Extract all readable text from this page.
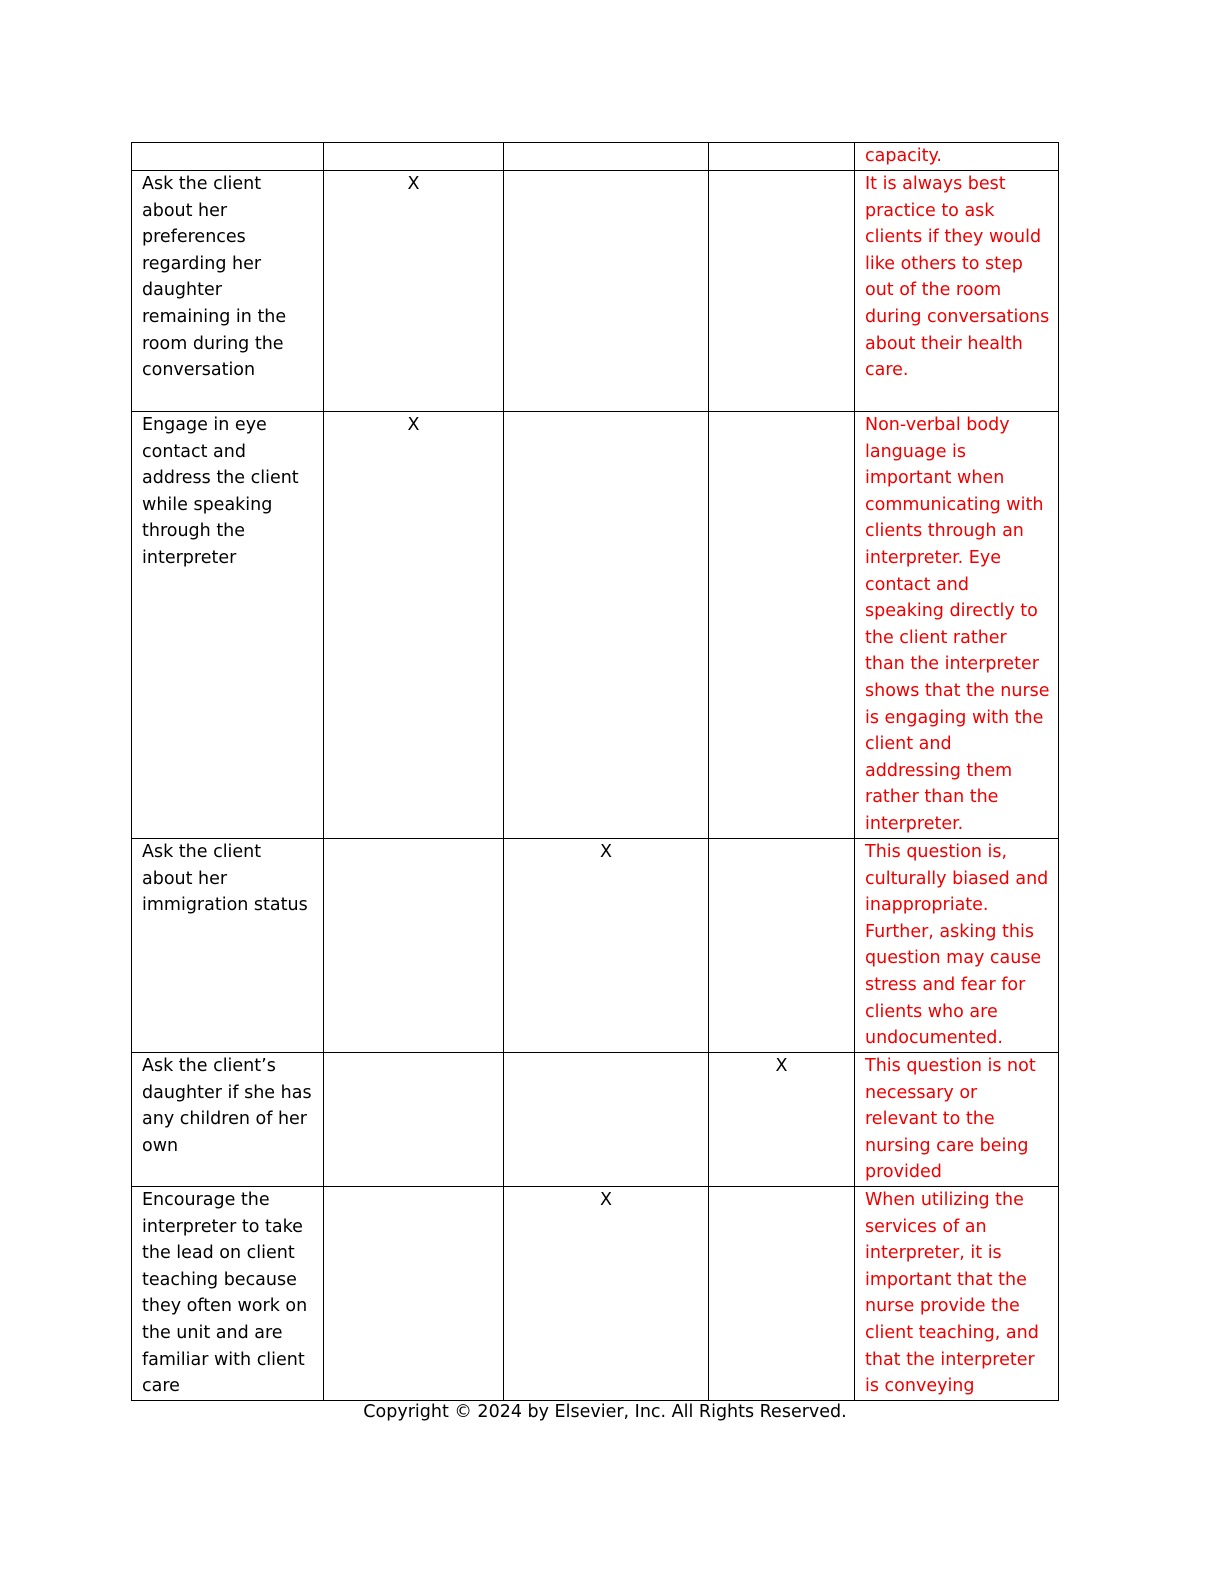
				capacity.
Ask the client about her preferences regarding her daughter remaining in the room during the conversation	X			It is always best practice to ask clients if they would like others to step out of the room during conversations about their health care.
Engage in eye contact and address the client while speaking through the interpreter	X			Non-verbal body language is important when communicating with clients through an interpreter. Eye contact and speaking directly to the client rather than the interpreter shows that the nurse is engaging with the client and addressing them rather than the interpreter.
Ask the client about her immigration status		X		This question is, culturally biased and inappropriate. Further, asking this question may cause stress and fear for clients who are undocumented.
Ask the client’s daughter if she has any children of her own			X	This question is not necessary or relevant to the nursing care being provided
Encourage the interpreter to take the lead on client teaching because they often work on the unit and are familiar with client care		X		When utilizing the services of an interpreter, it is important that the nurse provide the client teaching, and that the interpreter is conveying
Copyright © 2024 by Elsevier, Inc. All Rights Reserved.
